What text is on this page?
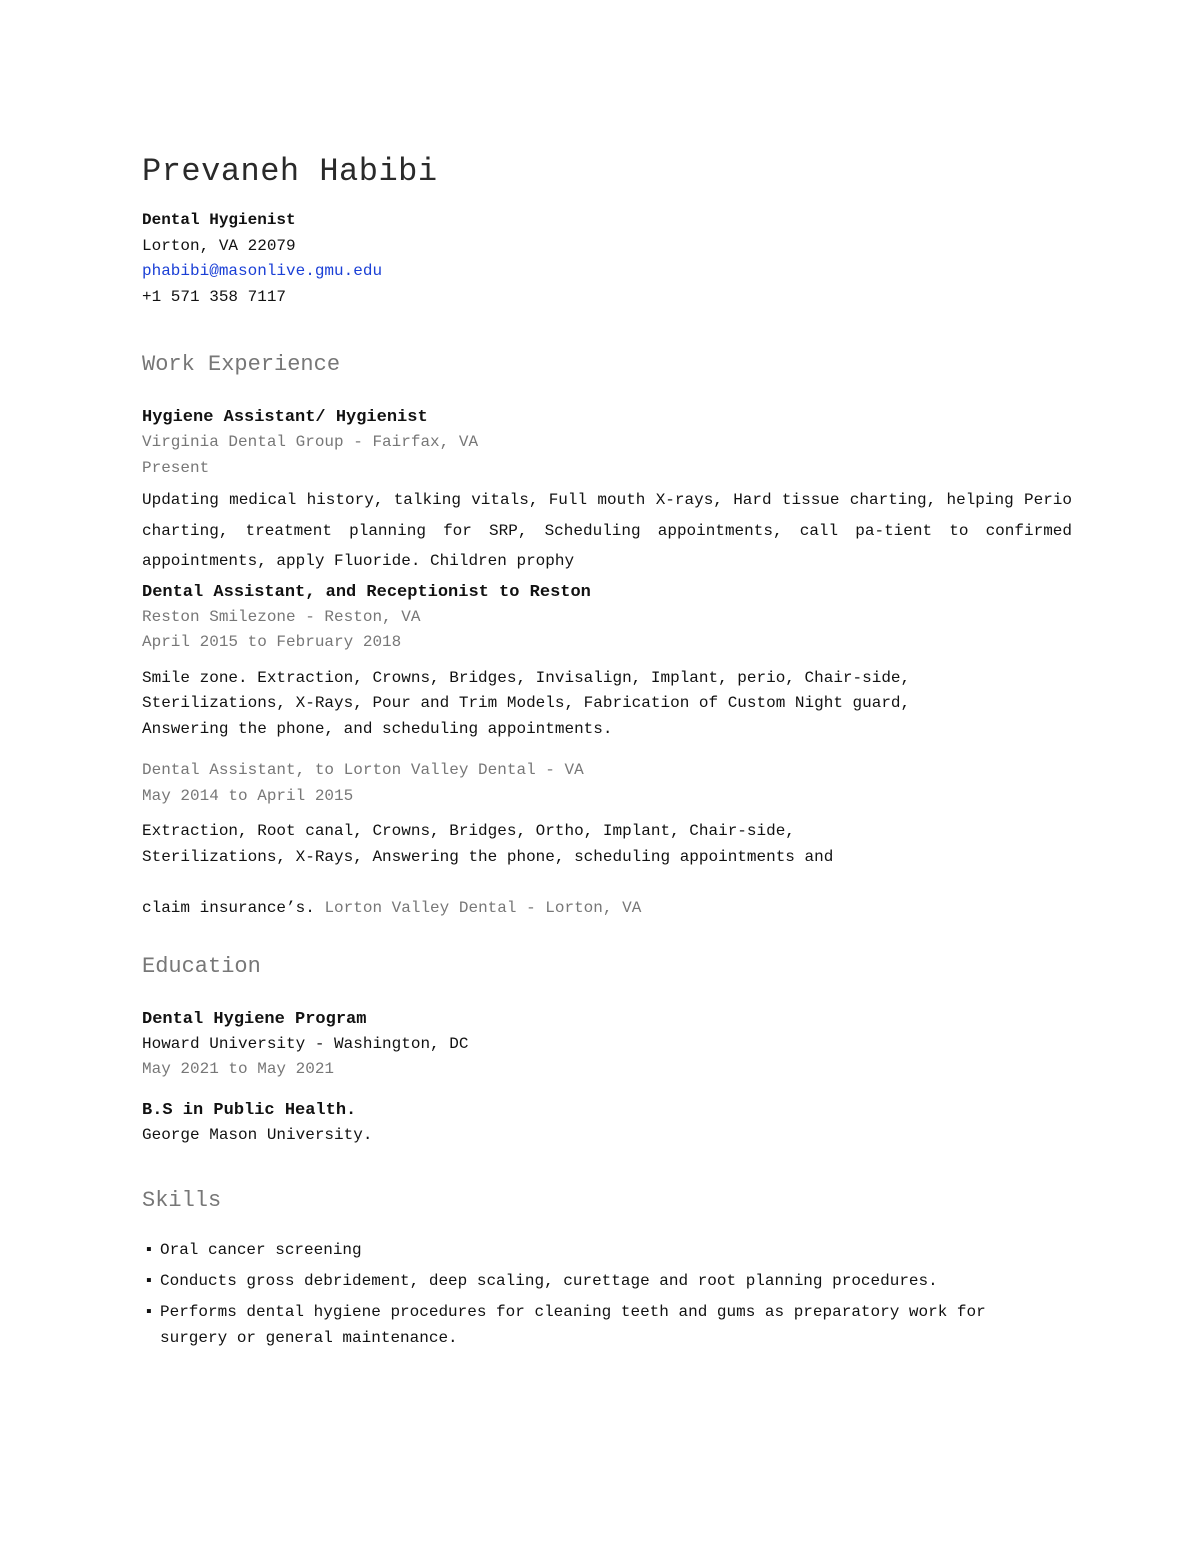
Prevaneh Habibi

Dental Hygienist

Lorton, VA 22079

phabibi@masonlive.gmu.edu

+1 571 358 7117

Work Experience
Hygiene Assistant/ Hygienist

Virginia Dental Group - Fairfax, VA

Present

Updating medical history, talking vitals, Full mouth X-rays, Hard tissue charting, helping Perio charting, treatment planning for SRP, Scheduling appointments, call pa-tient to confirmed appointments, apply Fluoride. Children prophy

Dental Assistant, and Receptionist to Reston

Reston Smilezone - Reston, VA

April 2015 to February 2018

Smile zone. Extraction, Crowns, Bridges, Invisalign, Implant, perio, Chair-side, Sterilizations, X-Rays, Pour and Trim Models, Fabrication of Custom Night guard, Answering the phone, and scheduling appointments.

Dental Assistant, to Lorton Valley Dental - VA

May 2014 to April 2015

Extraction, Root canal, Crowns, Bridges, Ortho, Implant, Chair-side,

Sterilizations, X-Rays, Answering the phone, scheduling appointments and

claim insurance’s. Lorton Valley Dental - Lorton, VA

Education
Dental Hygiene Program

Howard University - Washington, DC

May 2021 to May 2021

B.S in Public Health.

George Mason University.

Skills
▪ Oral cancer screening
▪ Conducts gross debridement, deep scaling, curettage and root planning procedures.
▪ Performs dental hygiene procedures for cleaning teeth and gums as preparatory work for surgery or general maintenance.
